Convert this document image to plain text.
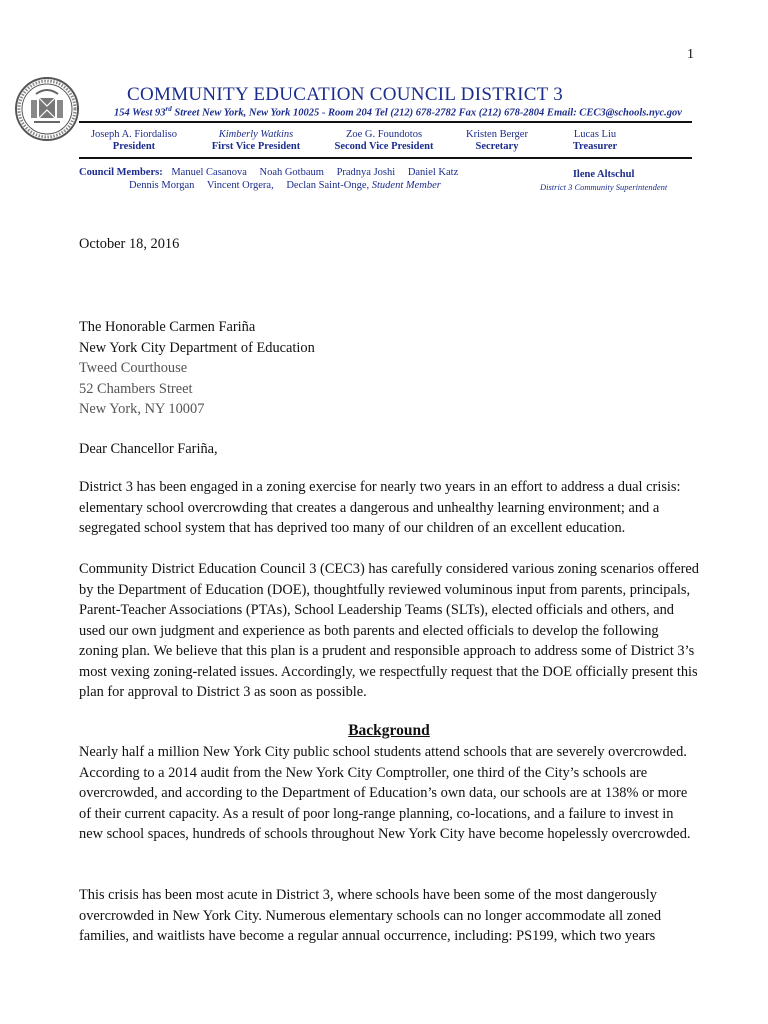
1
COMMUNITY EDUCATION COUNCIL DISTRICT 3
154 West 93rd Street New York, New York 10025 - Room 204 Tel (212) 678-2782 Fax (212) 678-2804 Email: CEC3@schools.nyc.gov
Joseph A. Fiordaliso
President
Kimberly Watkins
First Vice President
Zoe G. Foundotos
Second Vice President
Kristen Berger
Secretary
Lucas Liu
Treasurer
Council Members: Manuel Casanova Noah Gotbaum Pradnya Joshi Daniel Katz
Dennis Morgan Vincent Orgera, Declan Saint-Onge, Student Member
Ilene Altschul
District 3 Community Superintendent
October 18, 2016
The Honorable Carmen Fariña
New York City Department of Education
Tweed Courthouse
52 Chambers Street
New York, NY 10007
Dear Chancellor Fariña,

District 3 has been engaged in a zoning exercise for nearly two years in an effort to address a dual crisis: elementary school overcrowding that creates a dangerous and unhealthy learning environment; and a segregated school system that has deprived too many of our children of an excellent education.

Community District Education Council 3 (CEC3) has carefully considered various zoning scenarios offered by the Department of Education (DOE), thoughtfully reviewed voluminous input from parents, principals, Parent-Teacher Associations (PTAs), School Leadership Teams (SLTs), elected officials and others, and used our own judgment and experience as both parents and elected officials to develop the following zoning plan. We believe that this plan is a prudent and responsible approach to address some of District 3’s most vexing zoning-related issues. Accordingly, we respectfully request that the DOE officially present this plan for approval to District 3 as soon as possible.

Background

Nearly half a million New York City public school students attend schools that are severely overcrowded. According to a 2014 audit from the New York City Comptroller, one third of the City’s schools are overcrowded, and according to the Department of Education’s own data, our schools are at 138% or more of their current capacity. As a result of poor long-range planning, co-locations, and a failure to invest in new school spaces, hundreds of schools throughout New York City have become hopelessly overcrowded.

This crisis has been most acute in District 3, where schools have been some of the most dangerously overcrowded in New York City. Numerous elementary schools can no longer accommodate all zoned families, and waitlists have become a regular annual occurrence, including: PS199, which two years
